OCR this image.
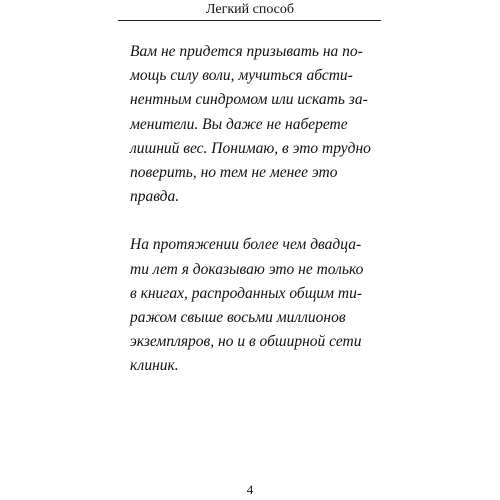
Легкий способ

Вам не придется призывать на по-
мощь силу воли, мучиться абсти-
нентным синдромом или искать за-
менители. Вы даже не наберете
лишний вес. Понимаю, в это трудно
поверить, но тем не менее это
правда.

На протяжении более чем двадца-
ти лет я доказываю это не только
в книгах, распроданных общим ти-
ражом свыше восьми миллионов
экземпляров, но и в обширной сети
клиник.

4
